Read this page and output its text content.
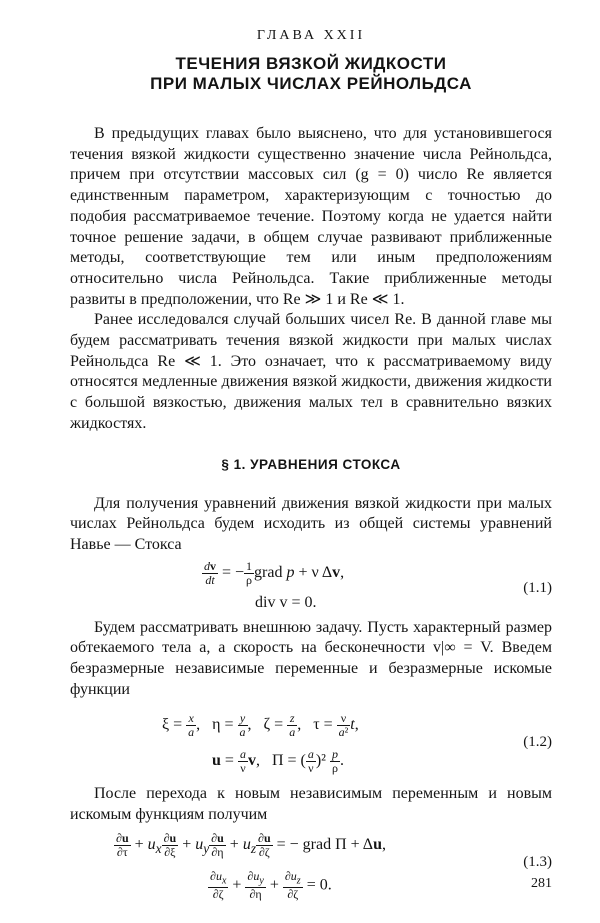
ГЛАВА XXII
ТЕЧЕНИЯ ВЯЗКОЙ ЖИДКОСТИ
ПРИ МАЛЫХ ЧИСЛАХ РЕЙНОЛЬДСА

В предыдущих главах было выяснено, что для установившегося течения вязкой жидкости существенно значение числа Рейнольдса, причем при отсутствии массовых сил (g = 0) число Re является единственным параметром, характеризующим с точностью до подобия рассматриваемое течение. Поэтому когда не удается найти точное решение задачи, в общем случае развивают приближенные методы, соответствующие тем или иным предположениям относительно числа Рейнольдса. Такие приближенные методы развиты в предположении, что Re ≫ 1 и Re ≪ 1.

Ранее исследовался случай больших чисел Re. В данной главе мы будем рассматривать течения вязкой жидкости при малых числах Рейнольдса Re ≪ 1. Это означает, что к рассматриваемому виду относятся медленные движения вязкой жидкости, движения жидкости с большой вязкостью, движения малых тел в сравнительно вязких жидкостях.

§ 1. УРАВНЕНИЯ СТОКСА

Для получения уравнений движения вязкой жидкости при малых числах Рейнольдса будем исходить из общей системы уравнений Навье — Стокса

$\frac{dv}{dt}$ = − $\frac{1}{\rho}$ grad p + ν Δv,
div v = 0.
(1.1)

Будем рассматривать внешнюю задачу. Пусть характерный размер обтекаемого тела a, а скорость на бесконечности v|∞ = V. Введем безразмерные независимые переменные и безразмерные искомые функции

$\xi = \frac{x}{a}$ ,   $\eta = \frac{y}{a}$ ,   $\zeta = \frac{z}{a}$ ,   $\tau = \frac{\nu}{\text{a²}} t$,
$u = \frac{a}{\nu} v$,   Π = ( $\frac{a}{\nu} )^2 \frac{p}{\rho}$ .
(1.2)

После перехода к новым независимым переменным и новым искомым функциям получим

$\frac{\partial u}{\partial\tau} + u_x \frac{\partial u}{\partial\xi} + u_y \frac{\partial u}{\partial\eta} + u_z \frac{\partial u}{\partial\zeta}$ = − grad Π + Δu,
$\frac{\partial u_x}{\partial\zeta} + \frac{\partial u_y}{\partial\eta} + \frac{\partial u_z}{\partial\zeta} = 0$.
(1.3)
281
